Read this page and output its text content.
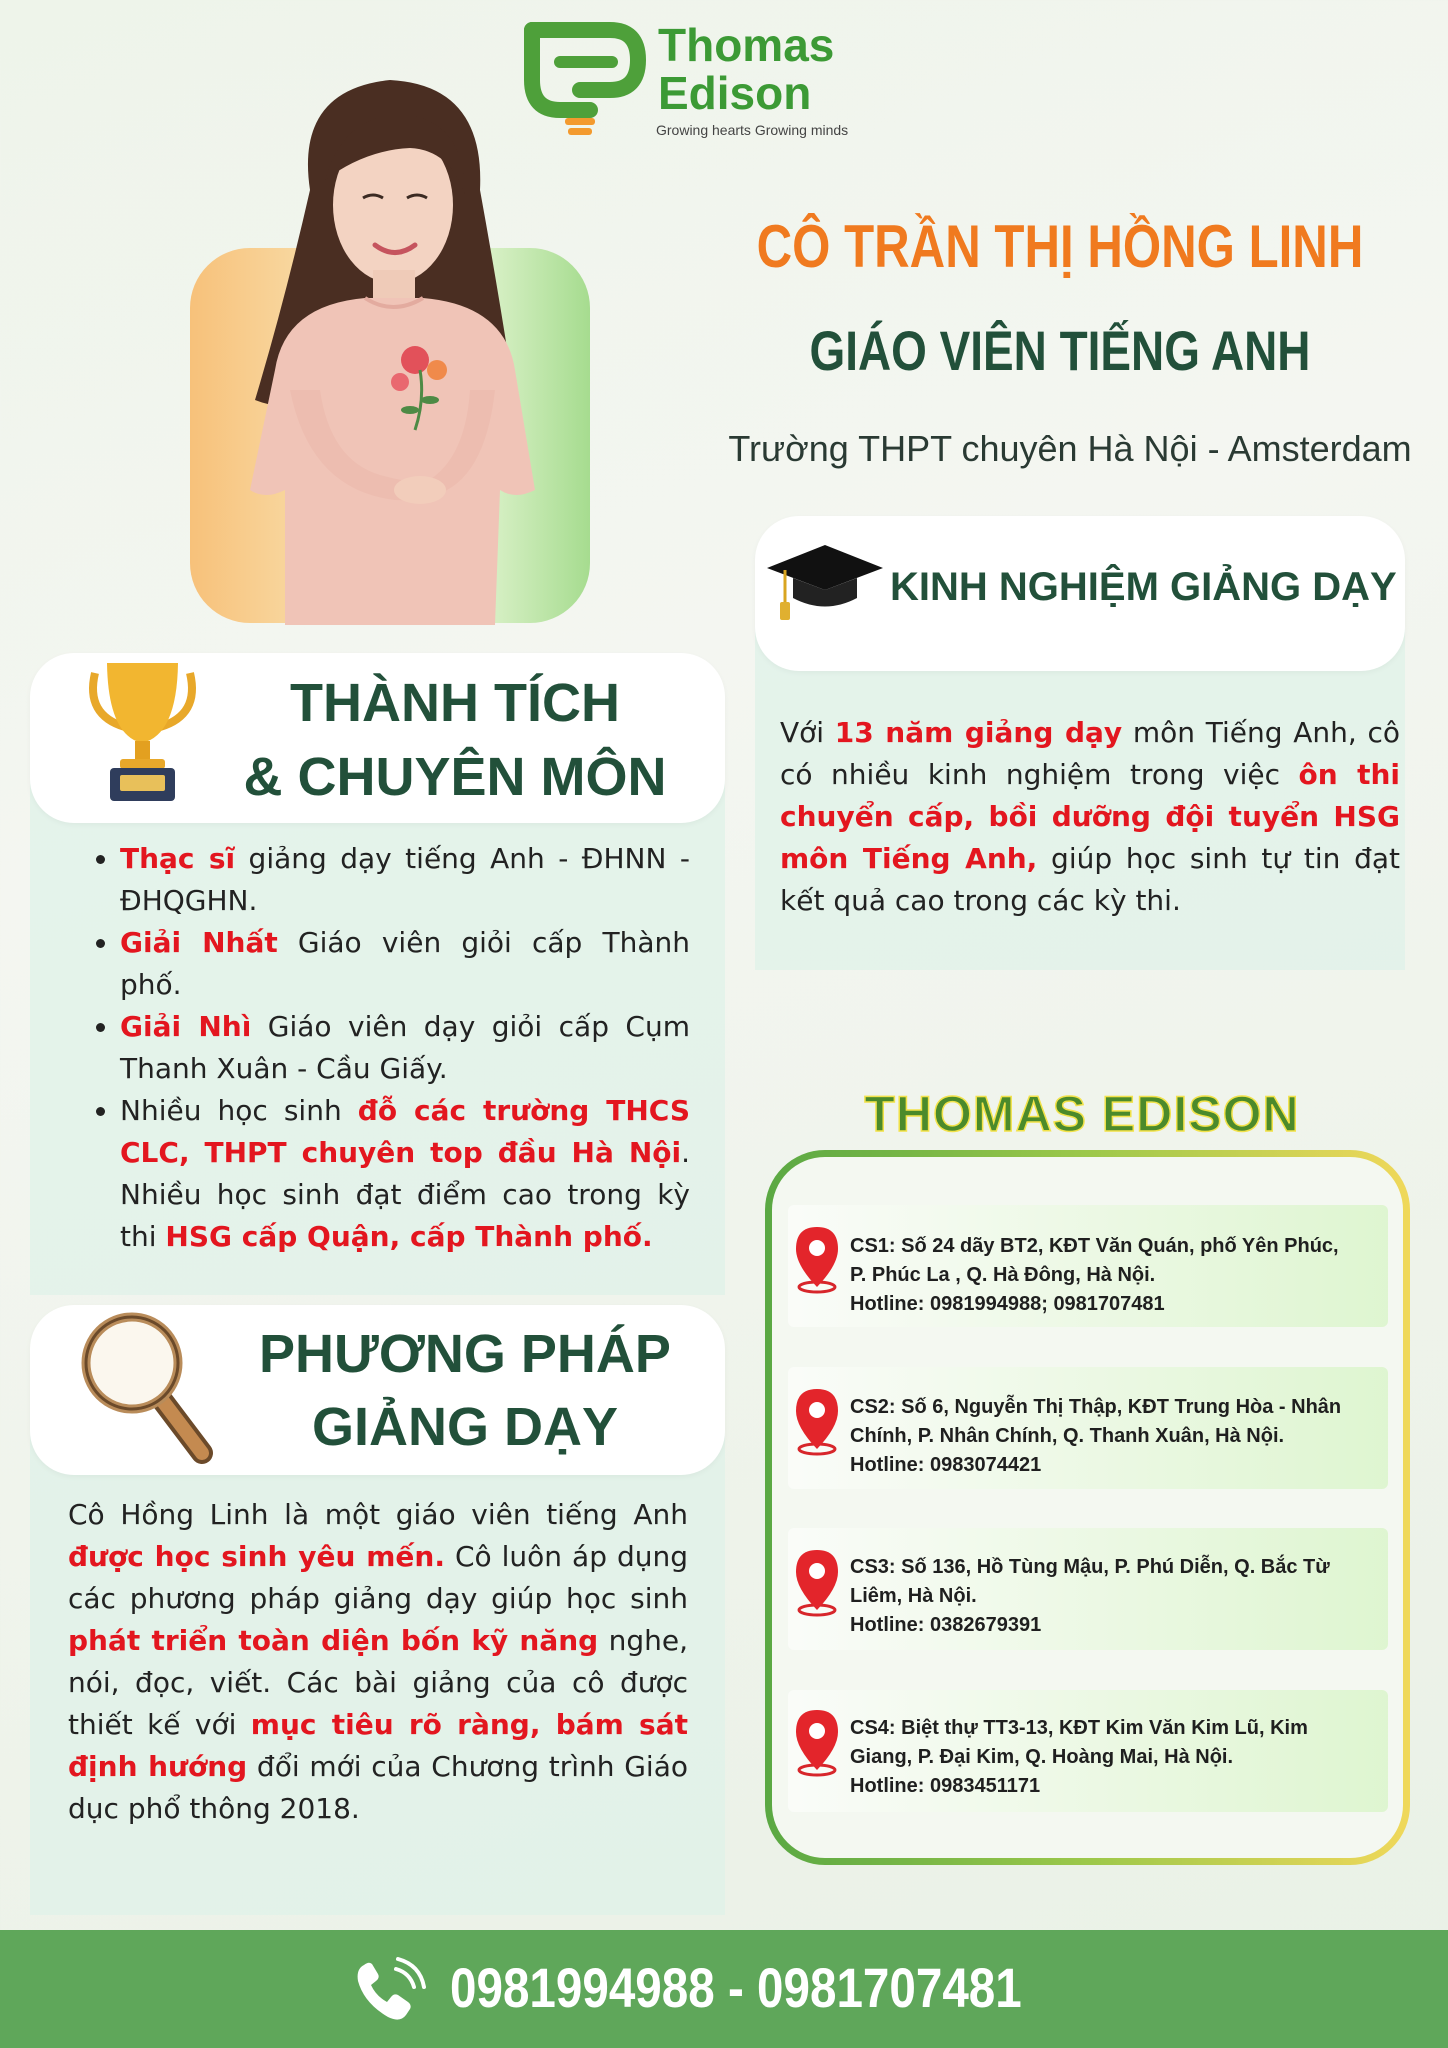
Thomas
Edison
Growing hearts Growing minds
CÔ TRẦN THỊ HỒNG LINH
GIÁO VIÊN TIẾNG ANH
Trường THPT chuyên Hà Nội - Amsterdam
KINH NGHIỆM GIẢNG DẠY
Với 13 năm giảng dạy môn Tiếng Anh, cô có nhiều kinh nghiệm trong việc ôn thi chuyển cấp, bồi dưỡng đội tuyển HSG môn Tiếng Anh, giúp học sinh tự tin đạt kết quả cao trong các kỳ thi.
THÀNH TÍCH
& CHUYÊN MÔN
• Thạc sĩ giảng dạy tiếng Anh - ĐHNN - ĐHQGHN.
• Giải Nhất Giáo viên giỏi cấp Thành phố.
• Giải Nhì Giáo viên dạy giỏi cấp Cụm Thanh Xuân - Cầu Giấy.
• Nhiều học sinh đỗ các trường THCS CLC, THPT chuyên top đầu Hà Nội. Nhiều học sinh đạt điểm cao trong kỳ thi HSG cấp Quận, cấp Thành phố.
PHƯƠNG PHÁP
GIẢNG DẠY
Cô Hồng Linh là một giáo viên tiếng Anh được học sinh yêu mến. Cô luôn áp dụng các phương pháp giảng dạy giúp học sinh phát triển toàn diện bốn kỹ năng nghe, nói, đọc, viết. Các bài giảng của cô được thiết kế với mục tiêu rõ ràng, bám sát định hướng đổi mới của Chương trình Giáo dục phổ thông 2018.
THOMAS EDISON
CS1: Số 24 dãy BT2, KĐT Văn Quán, phố Yên Phúc,
P. Phúc La , Q. Hà Đông, Hà Nội.
Hotline: 0981994988; 0981707481
CS2: Số 6, Nguyễn Thị Thập, KĐT Trung Hòa - Nhân
Chính, P. Nhân Chính, Q. Thanh Xuân, Hà Nội.
Hotline: 0983074421
CS3: Số 136, Hồ Tùng Mậu, P. Phú Diễn, Q. Bắc Từ
Liêm, Hà Nội.
Hotline: 0382679391
CS4: Biệt thự TT3-13, KĐT Kim Văn Kim Lũ, Kim
Giang, P. Đại Kim, Q. Hoàng Mai, Hà Nội.
Hotline: 0983451171
0981994988 - 0981707481
